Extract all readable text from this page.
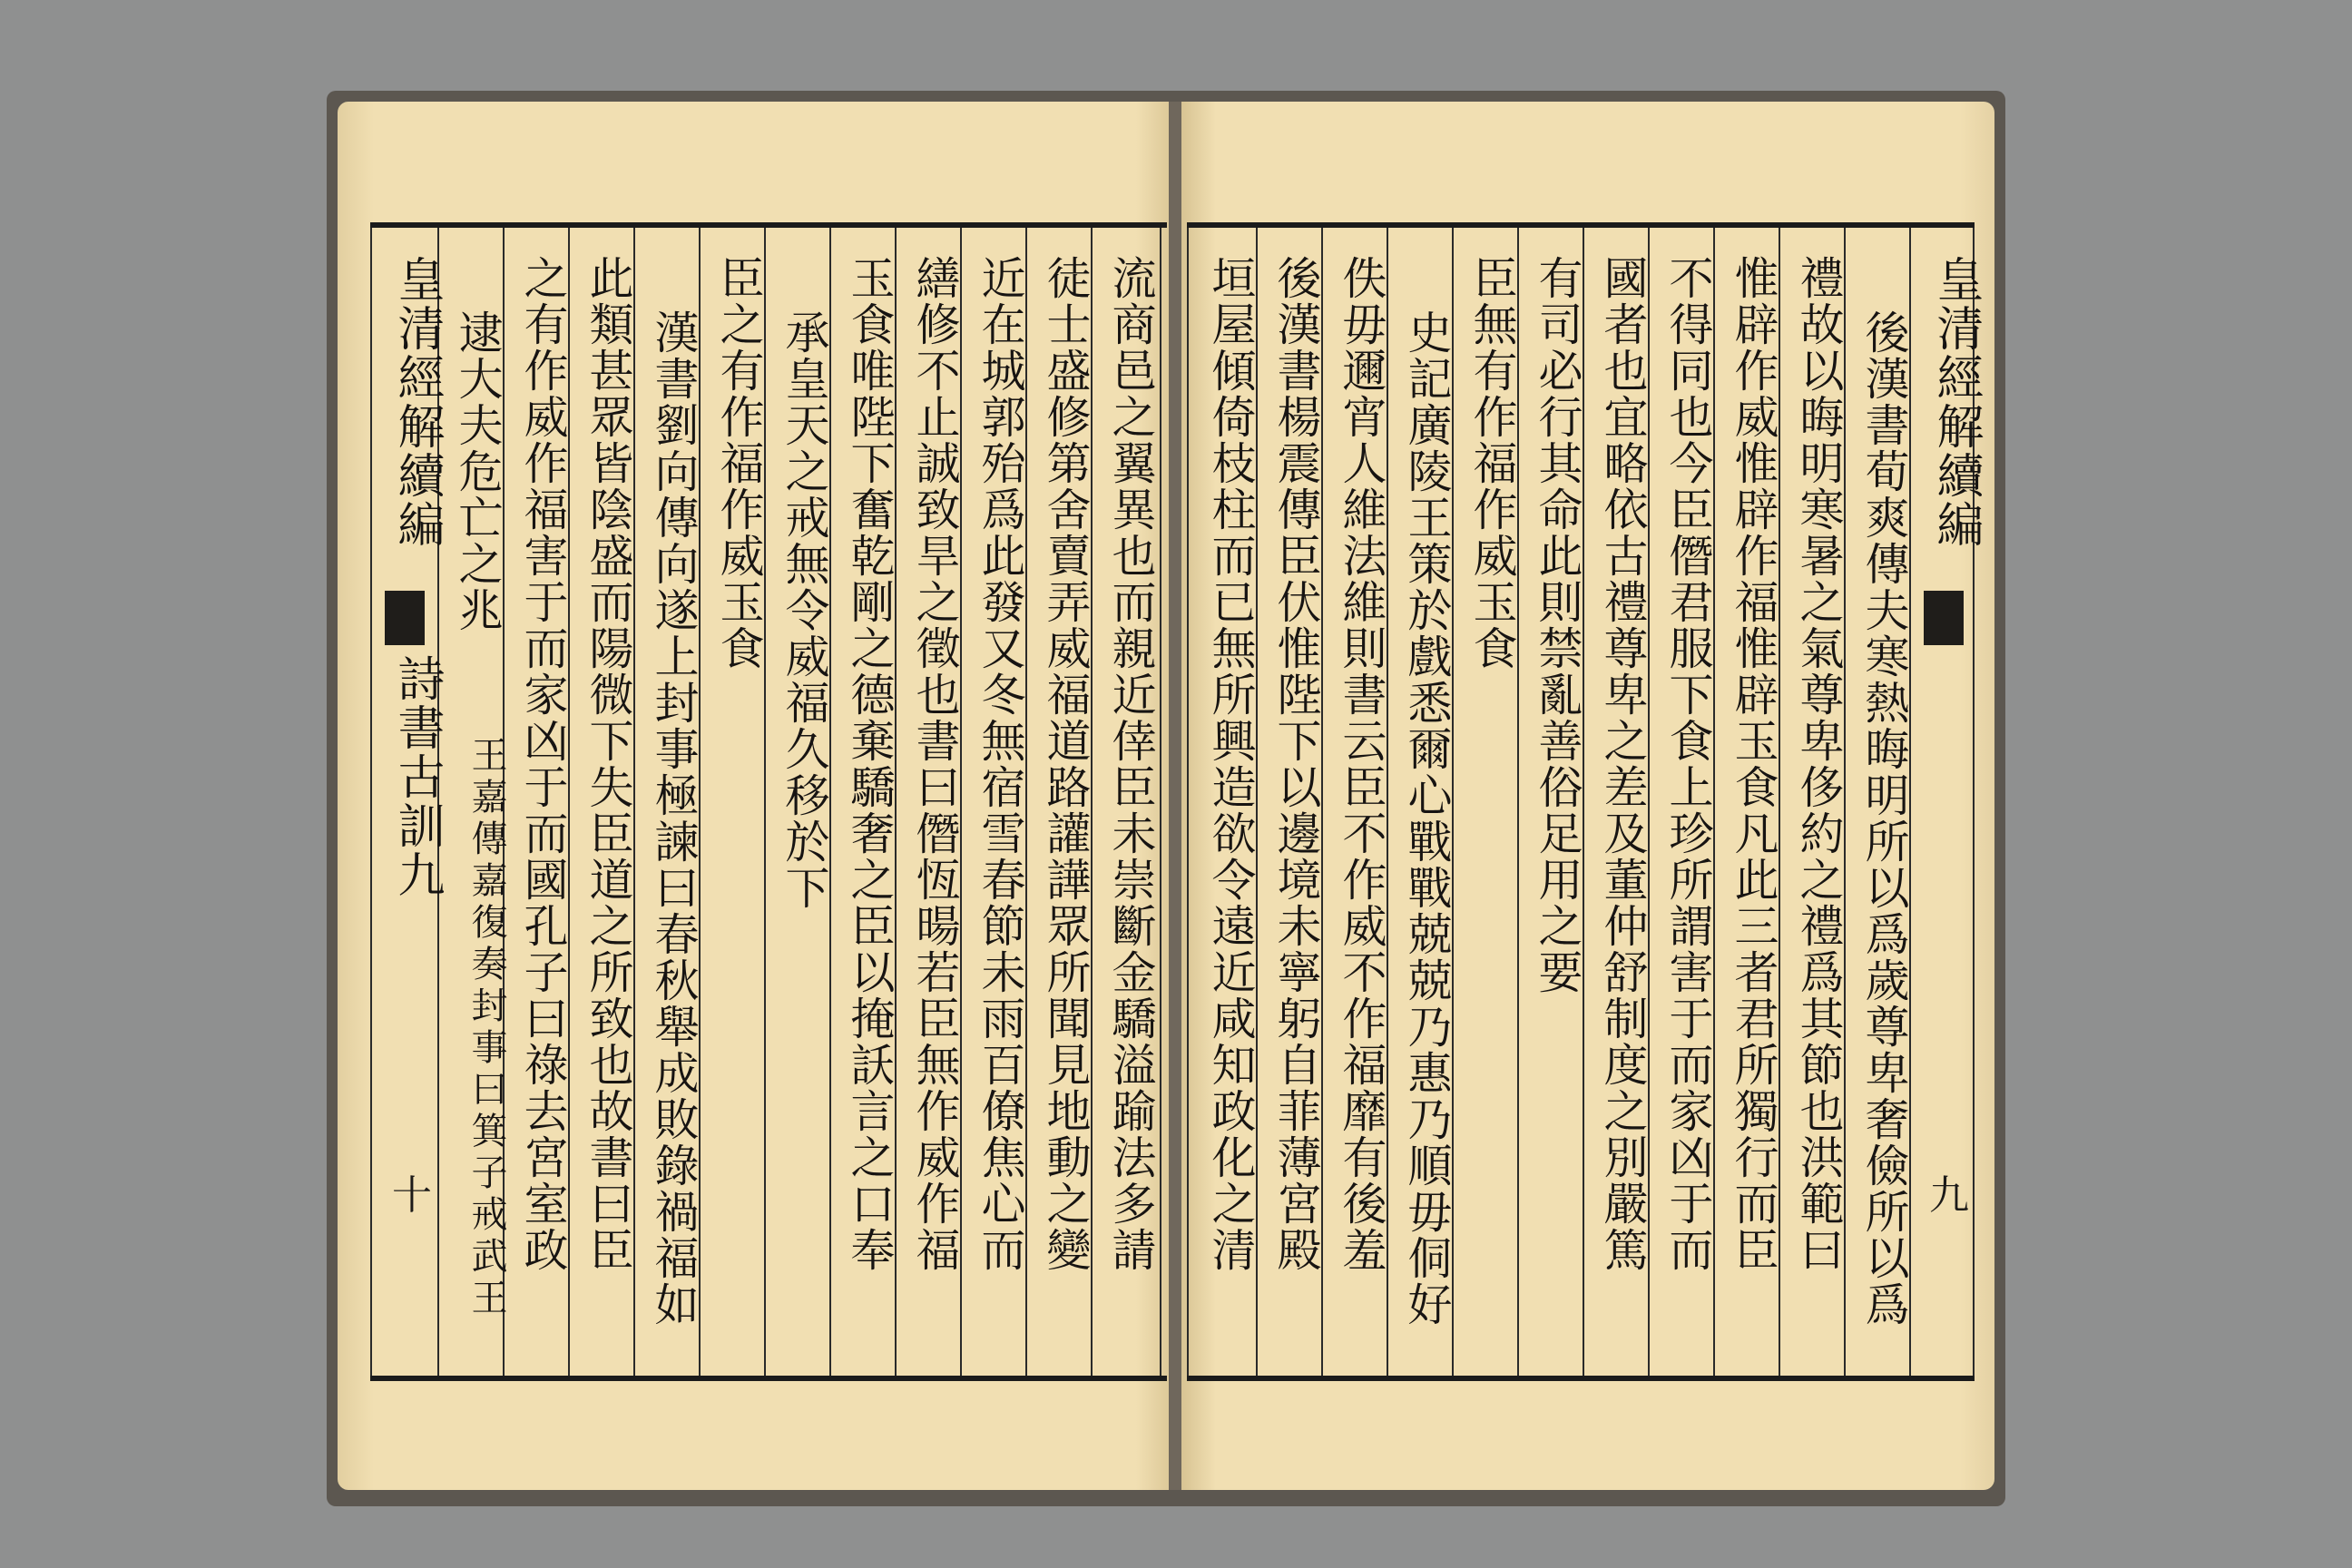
皇清經解續編
詩書古訓九
十	流商邑之翼異也而親近倖臣未崇斷金驕溢踰法多請
徒士盛修第舍賣弄威福道路讙譁眾所聞見地動之變
近在城郭殆爲此發又冬無宿雪春節未雨百僚焦心而
繕修不止誠致旱之徵也書曰僭恆暘若臣無作威作福
玉食唯陛下奮乾剛之德棄驕奢之臣以掩訞言之口奉
承皇天之戒無令威福久移於下
臣之有作福作威玉食
漢書劉向傳向遂上封事極諫曰春秋舉成敗錄禍福如
此類甚眾皆陰盛而陽微下失臣道之所致也故書曰臣
之有作威作福害于而家凶于而國孔子曰祿去宮室政
逮大夫危亡之兆
王嘉傳嘉復奏封事曰箕子戒武王
皇清經解續編
九
後漢書荀爽傳夫寒熱晦明所以爲歲尊卑奢儉所以爲
禮故以晦明寒暑之氣尊卑侈約之禮爲其節也洪範曰
惟辟作威惟辟作福惟辟玉食凡此三者君所獨行而臣
不得同也今臣僭君服下食上珍所謂害于而家凶于而
國者也宜略依古禮尊卑之差及董仲舒制度之別嚴篤
有司必行其命此則禁亂善俗足用之要
臣無有作福作威玉食
史記廣陵王策於戲悉爾心戰戰兢兢乃惠乃順毋侗好
佚毋邇宵人維法維則書云臣不作威不作福靡有後羞
後漢書楊震傳臣伏惟陛下以邊境未寧躬自菲薄宮殿
垣屋傾倚枝柱而已無所興造欲令遠近咸知政化之清
